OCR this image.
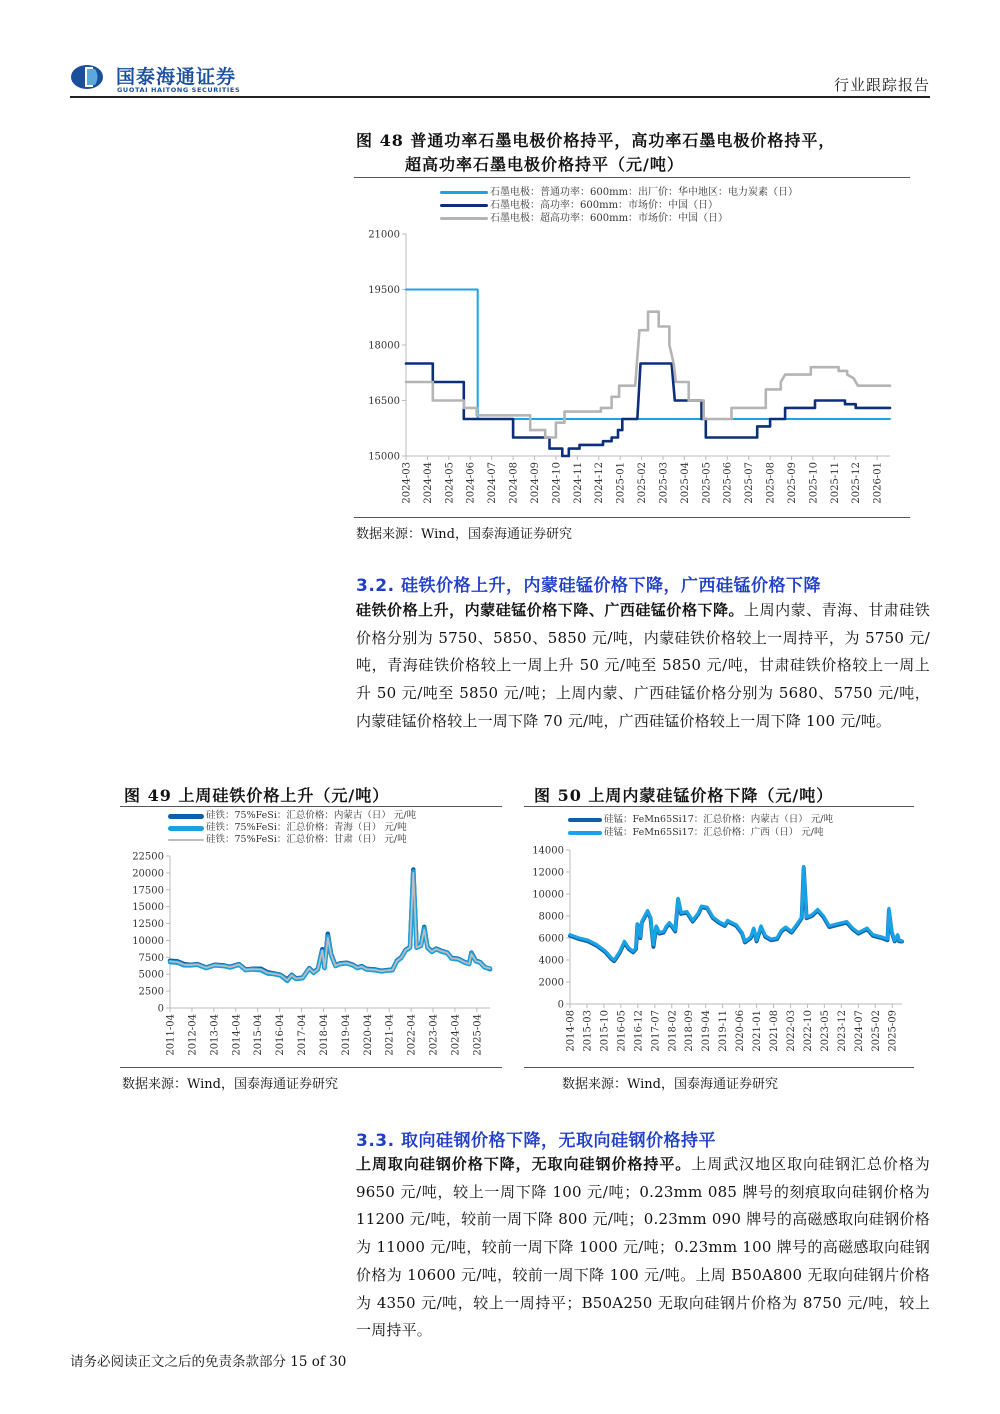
国泰海通证券
GUOTAI HAITONG SECURITIES	行业跟踪报告
图 48 普通功率石墨电极价格持平，高功率石墨电极价格持平，
超高功率石墨电极价格持平（元/吨）
石墨电极：普通功率：600mm：出厂价：华中地区：电力炭素（日）
石墨电极：高功率：600mm：市场价：中国（日）
石墨电极：超高功率：600mm：市场价：中国（日）
15000
16500
18000
19500
21000
2024-03 2024-04 2024-05 2024-06 2024-07 2024-08 2024-09 2024-10 2024-11 2024-12 2025-01 2025-02 2025-03 2025-04 2025-05 2025-06 2025-07 2025-08 2025-09 2025-10 2025-11 2025-12 2026-01
数据来源：Wind，国泰海通证券研究
3.2. 硅铁价格上升，内蒙硅锰价格下降，广西硅锰价格下降
硅铁价格上升，内蒙硅锰价格下降、广西硅锰价格下降。上周内蒙、青海、甘肃硅铁价格分别为 5750、5850、5850 元/吨，内蒙硅铁价格较上一周持平，为 5750 元/吨，青海硅铁价格较上一周上升 50 元/吨至 5850 元/吨，甘肃硅铁价格较上一周上升 50 元/吨至 5850 元/吨；上周内蒙、广西硅锰价格分别为 5680、5750 元/吨，内蒙硅锰价格较上一周下降 70 元/吨，广西硅锰价格较上一周下降 100 元/吨。
图 49 上周硅铁价格上升（元/吨）
硅铁：75%FeSi：汇总价格：内蒙古（日） 元/吨
硅铁：75%FeSi：汇总价格：青海（日） 元/吨
硅铁：75%FeSi：汇总价格：甘肃（日） 元/吨
0
2500
5000
7500
10000
12500
15000
17500
20000
22500
2011-04 2012-04 2013-04 2014-04 2015-04 2016-04 2017-04 2018-04 2019-04 2020-04 2021-04 2022-04 2023-04 2024-04 2025-04
数据来源：Wind，国泰海通证券研究
图 50 上周内蒙硅锰价格下降（元/吨）
硅锰：FeMn65Si17：汇总价格：内蒙古（日） 元/吨
硅锰：FeMn65Si17：汇总价格：广西（日） 元/吨
0
2000
4000
6000
8000
10000
12000
14000
2014-08 2015-03 2015-10 2016-05 2016-12 2017-07 2018-02 2018-09 2019-04 2019-11 2020-06 2021-01 2021-08 2022-03 2022-10 2023-05 2023-12 2024-07 2025-02 2025-09
数据来源：Wind，国泰海通证券研究
3.3. 取向硅钢价格下降，无取向硅钢价格持平
上周取向硅钢价格下降，无取向硅钢价格持平。上周武汉地区取向硅钢汇总价格为 9650 元/吨，较上一周下降 100 元/吨；0.23mm 085 牌号的刻痕取向硅钢价格为 11200 元/吨，较前一周下降 800 元/吨；0.23mm 090 牌号的高磁感取向硅钢价格为 11000 元/吨，较前一周下降 1000 元/吨；0.23mm 100 牌号的高磁感取向硅钢价格为 10600 元/吨，较前一周下降 100 元/吨。上周 B50A800 无取向硅钢片价格为 4350 元/吨，较上一周持平；B50A250 无取向硅钢片价格为 8750 元/吨，较上一周持平。
请务必阅读正文之后的免责条款部分 15 of 30
